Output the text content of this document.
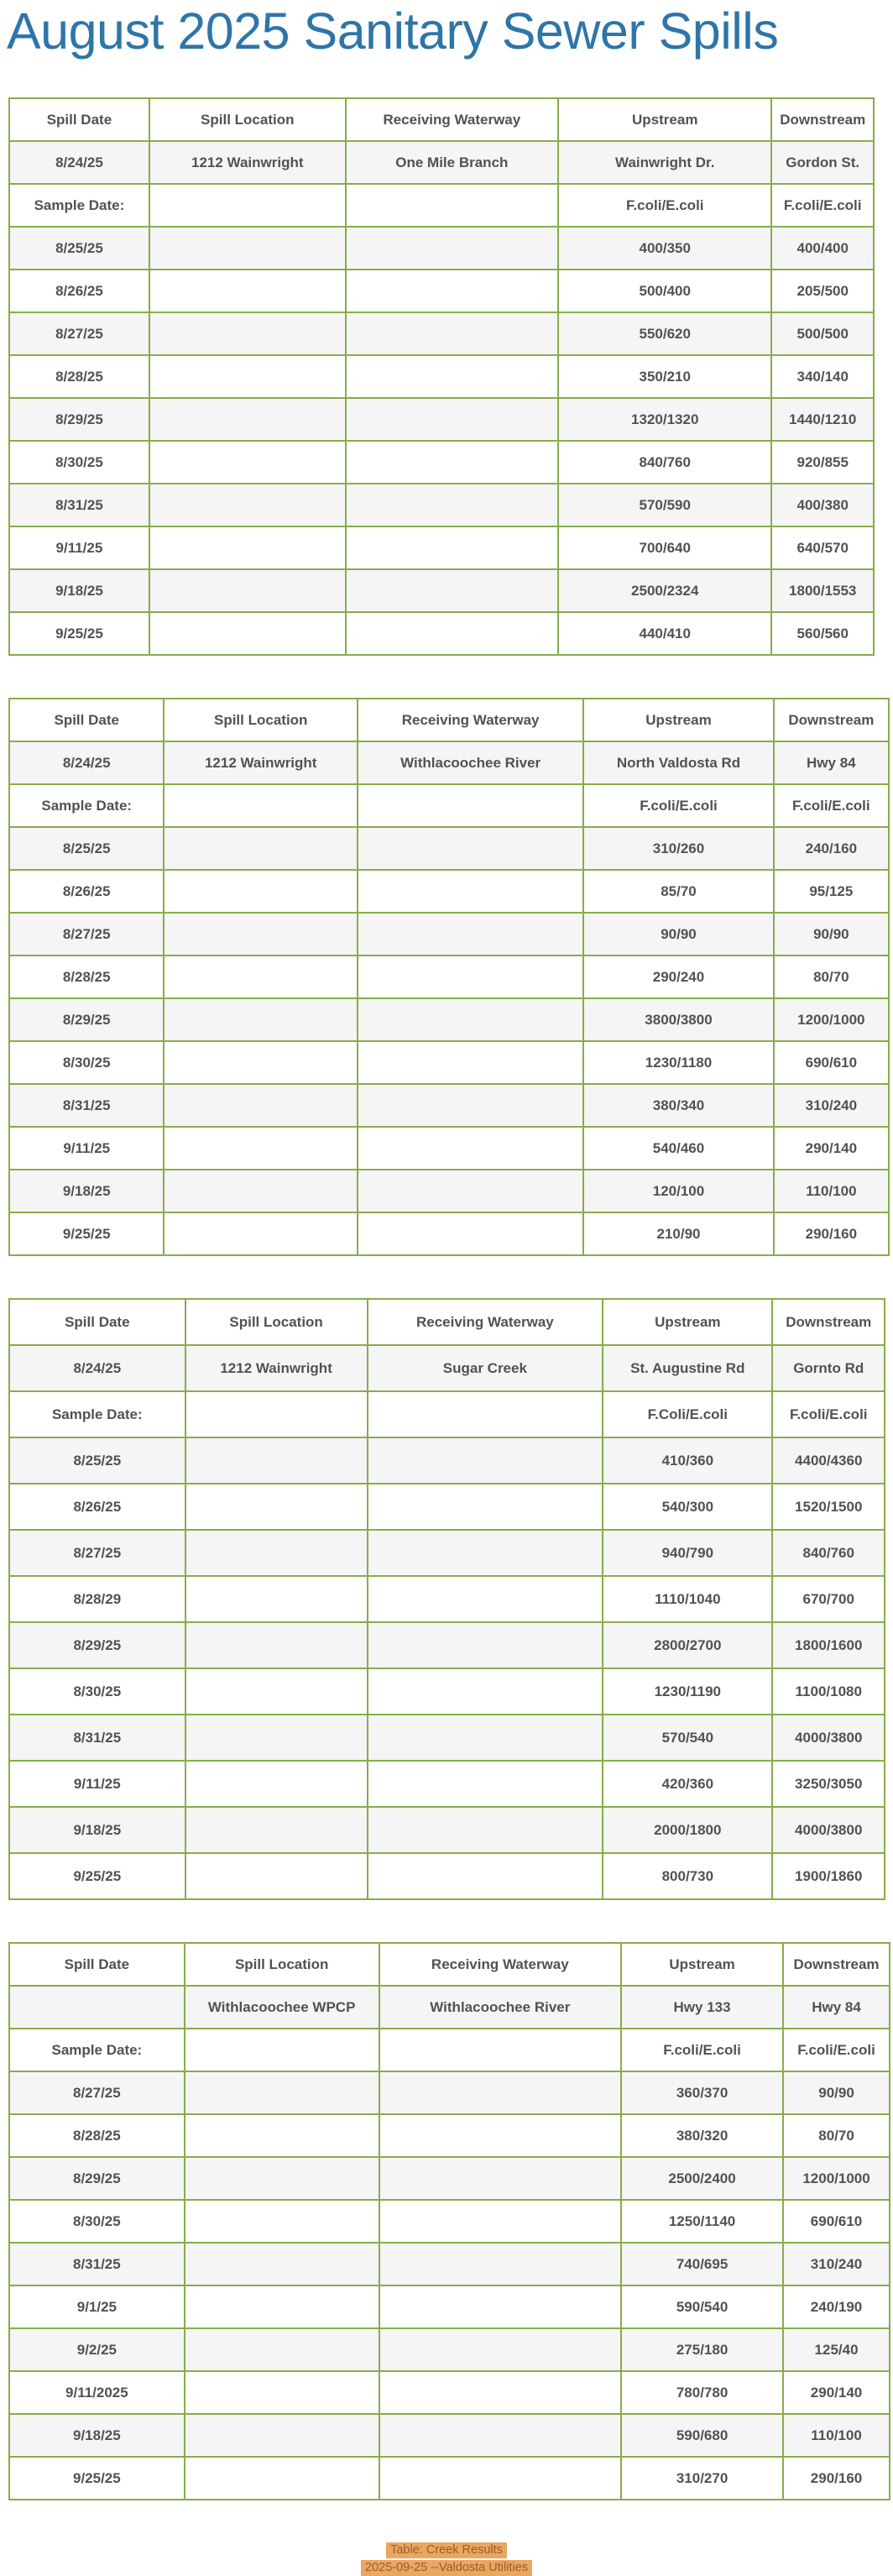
August 2025 Sanitary Sewer Spills
Spill Date	Spill Location	Receiving Waterway	Upstream	Downstream
8/24/25	1212 Wainwright	One Mile Branch	Wainwright Dr.	Gordon St.
Sample Date:			F.coli/E.coli	F.coli/E.coli
8/25/25			400/350	400/400
8/26/25			500/400	205/500
8/27/25			550/620	500/500
8/28/25			350/210	340/140
8/29/25			1320/1320	1440/1210
8/30/25			840/760	920/855
8/31/25			570/590	400/380
9/11/25			700/640	640/570
9/18/25			2500/2324	1800/1553
9/25/25			440/410	560/560
Spill Date	Spill Location	Receiving Waterway	Upstream	Downstream
8/24/25	1212 Wainwright	Withlacoochee River	North Valdosta Rd	Hwy 84
Sample Date:			F.coli/E.coli	F.coli/E.coli
8/25/25			310/260	240/160
8/26/25			85/70	95/125
8/27/25			90/90	90/90
8/28/25			290/240	80/70
8/29/25			3800/3800	1200/1000
8/30/25			1230/1180	690/610
8/31/25			380/340	310/240
9/11/25			540/460	290/140
9/18/25			120/100	110/100
9/25/25			210/90	290/160
Spill Date	Spill Location	Receiving Waterway	Upstream	Downstream
8/24/25	1212 Wainwright	Sugar Creek	St. Augustine Rd	Gornto Rd
Sample Date:			F.Coli/E.coli	F.coli/E.coli
8/25/25			410/360	4400/4360
8/26/25			540/300	1520/1500
8/27/25			940/790	840/760
8/28/29			1110/1040	670/700
8/29/25			2800/2700	1800/1600
8/30/25			1230/1190	1100/1080
8/31/25			570/540	4000/3800
9/11/25			420/360	3250/3050
9/18/25			2000/1800	4000/3800
9/25/25			800/730	1900/1860
Spill Date	Spill Location	Receiving Waterway	Upstream	Downstream
	Withlacoochee WPCP	Withlacoochee River	Hwy 133	Hwy 84
Sample Date:			F.coli/E.coli	F.coli/E.coli
8/27/25			360/370	90/90
8/28/25			380/320	80/70
8/29/25			2500/2400	1200/1000
8/30/25			1250/1140	690/610
8/31/25			740/695	310/240
9/1/25			590/540	240/190
9/2/25			275/180	125/40
9/11/2025			780/780	290/140
9/18/25			590/680	110/100
9/25/25			310/270	290/160
Table: Creek Results
2025-09-25 --Valdosta Utilities
